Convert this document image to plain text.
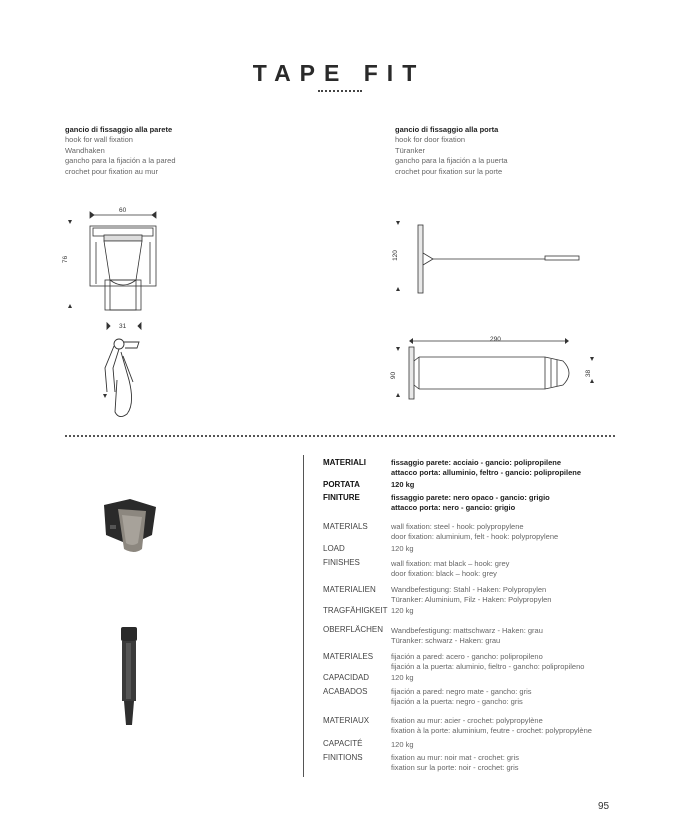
TAPE FIT
gancio di fissaggio alla parete
hook for wall fixation
Wandhaken
gancho para la fijación a la pared
crochet pour fixation au mur
gancio di fissaggio alla porta
hook for door fixation
Türanker
gancho para la fijación a la puerta
crochet pour fixation sur la porte
60
76
31
120
290
90	38
MATERIALI	fissaggio parete: acciaio - gancio: polipropilene
attacco porta: alluminio, feltro - gancio: polipropilene
PORTATA	120 kg
FINITURE	fissaggio parete: nero opaco - gancio: grigio
attacco porta: nero - gancio: grigio
MATERIALS	wall fixation: steel - hook: polypropylene
door fixation: aluminium, felt - hook: polypropylene
LOAD	120 kg
FINISHES	wall fixation: mat black – hook: grey
door fixation: black – hook: grey
MATERIALIEN Wandbefestigung: Stahl - Haken: Polypropylen
Türanker: Aluminium, Filz - Haken: Polypropylen
TRAGFÄHIGKEIT 120 kg
OBERFLÄCHEN Wandbefestigung: mattschwarz - Haken: grau
Türanker: schwarz - Haken: grau
MATERIALES fijación a pared: acero - gancho: polipropileno
fijación a la puerta: aluminio, fieltro - gancho: polipropileno
CAPACIDAD	120 kg
ACABADOS	fijación a pared: negro mate - gancho: gris
fijación a la puerta: negro - gancho: gris
MATERIAUX	fixation au mur: acier - crochet: polypropylène
fixation à la porte: aluminium, feutre - crochet: polypropylène
CAPACITÉ	120 kg
FINITIONS	fixation au mur: noir mat - crochet: gris
fixation sur la porte: noir - crochet: gris
95
